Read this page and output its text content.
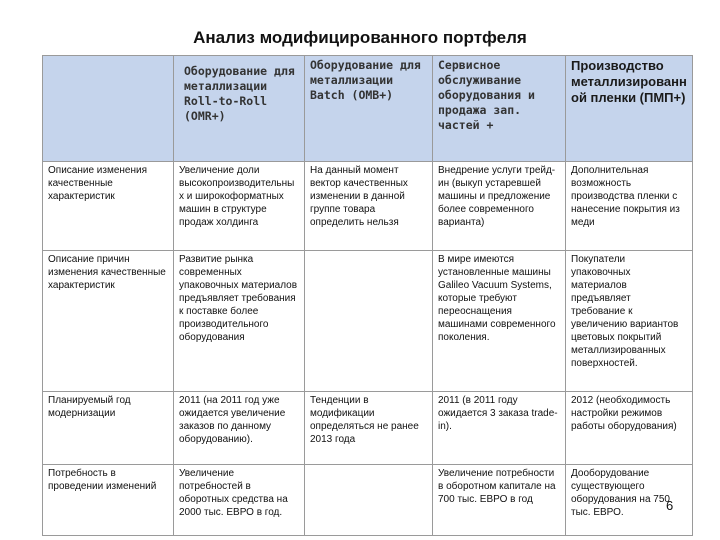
Анализ модифицированного портфеля
	Оборудование для металлизации Roll-to-Roll (OMR+)	Оборудование для металлизации Batch (OMB+)	Сервисное обслуживание оборудования и продажа зап. частей +	Производство металлизированной пленки (ПМП+)
Описание изменения качественные характеристик	Увеличение доли высокопроизводительных и широкоформатных машин в структуре продаж холдинга	На данный момент вектор качественных изменении в данной группе товара определить нельзя	Внедрение услуги трейд-ин (выкуп устаревшей машины и предложение более современного варианта)	Дополнительная возможность производства пленки с нанесение покрытия из меди
Описание причин изменения качественные характеристик	Развитие рынка современных упаковочных материалов предъявляет требования к поставке более производительного оборудования		В мире имеются установленные машины Galileo Vacuum Systems, которые требуют переоснащения машинами современного поколения.	Покупатели упаковочных материалов предъявляет требование к увеличению вариантов цветовых покрытий металлизированных поверхностей.
Планируемый год модернизации	2011 (на 2011 год уже ожидается увеличение заказов по данному оборудованию).	Тенденции в модификации определяться не ранее 2013 года	2011 (в 2011 году ожидается 3 заказа trade-in).	2012 (необходимость настройки режимов работы оборудования)
Потребность в проведении изменений	Увеличение потребностей в оборотных средства на 2000 тыс. ЕВРО в год.		Увеличение потребности в оборотном капитале на 700 тыс. ЕВРО в год	Дооборудование существующего оборудования на 750 тыс. ЕВРО.	6
